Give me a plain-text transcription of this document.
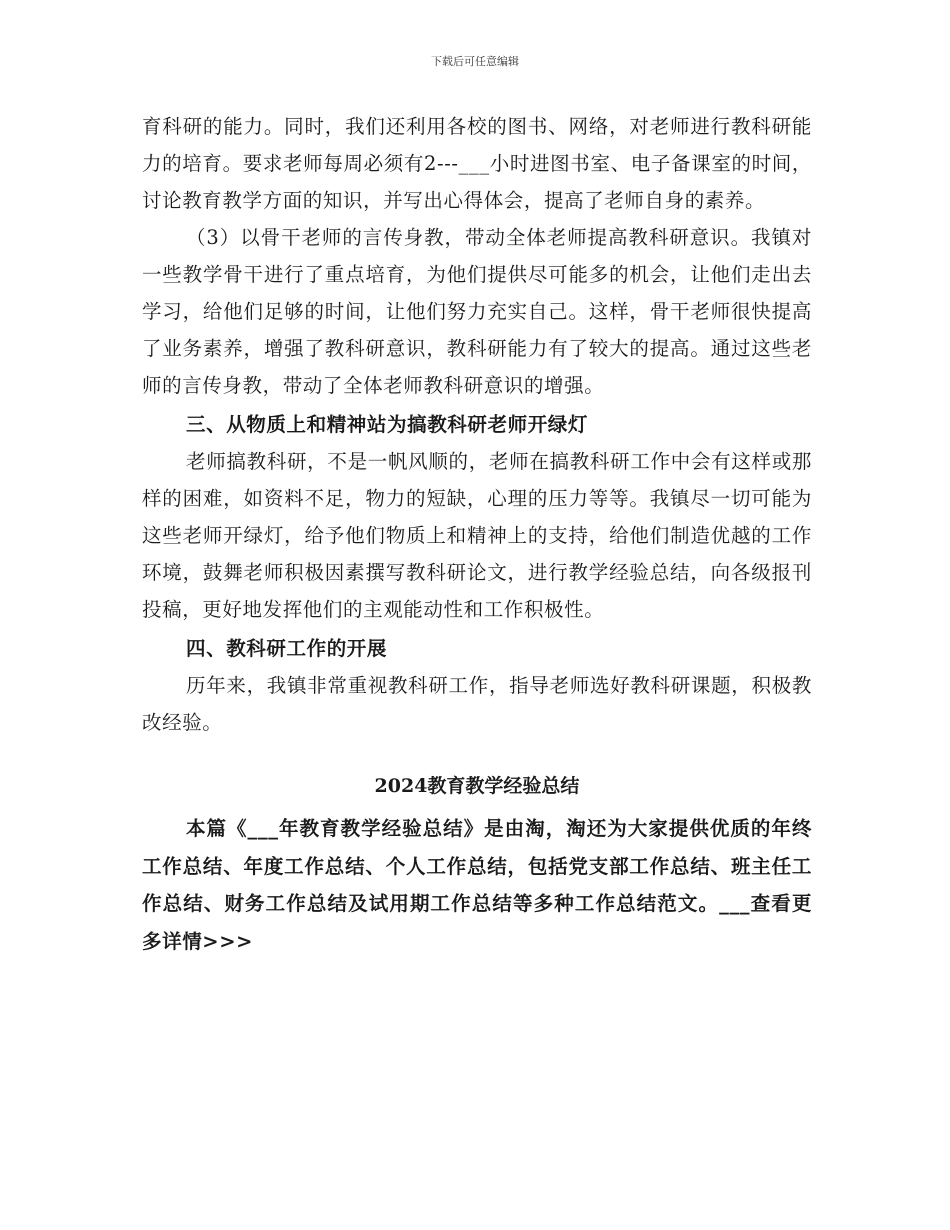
下载后可任意编辑

育科研的能力。同时，我们还利用各校的图书、网络，对老师进行教科研能力的培育。要求老师每周必须有2---___小时进图书室、电子备课室的时间，讨论教育教学方面的知识，并写出心得体会，提高了老师自身的素养。

（3）以骨干老师的言传身教，带动全体老师提高教科研意识。我镇对一些教学骨干进行了重点培育，为他们提供尽可能多的机会，让他们走出去学习，给他们足够的时间，让他们努力充实自己。这样，骨干老师很快提高了业务素养，增强了教科研意识，教科研能力有了较大的提高。通过这些老师的言传身教，带动了全体老师教科研意识的增强。

三、从物质上和精神站为搞教科研老师开绿灯

老师搞教科研，不是一帆风顺的，老师在搞教科研工作中会有这样或那样的困难，如资料不足，物力的短缺，心理的压力等等。我镇尽一切可能为这些老师开绿灯，给予他们物质上和精神上的支持，给他们制造优越的工作环境，鼓舞老师积极因素撰写教科研论文，进行教学经验总结，向各级报刊投稿，更好地发挥他们的主观能动性和工作积极性。

四、教科研工作的开展

历年来，我镇非常重视教科研工作，指导老师选好教科研课题，积极教改经验。

2024教育教学经验总结

本篇《___年教育教学经验总结》是由淘，淘还为大家提供优质的年终工作总结、年度工作总结、个人工作总结，包括党支部工作总结、班主任工作总结、财务工作总结及试用期工作总结等多种工作总结范文。___查看更多详情>>>
